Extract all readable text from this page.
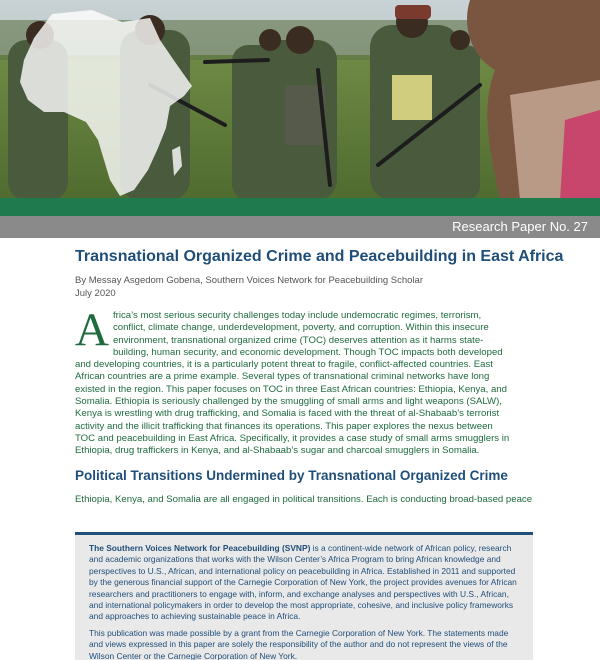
Research Paper No. 27
Transnational Organized Crime and Peacebuilding in East Africa
By Messay Asgedom Gobena, Southern Voices Network for Peacebuilding Scholar
July 2020

Africa’s most serious security challenges today include undemocratic regimes, terrorism, conflict, climate change, underdevelopment, poverty, and corruption. Within this insecure environment, transnational organized crime (TOC) deserves attention as it harms state-building, human security, and economic development. Though TOC impacts both developed and developing countries, it is a particularly potent threat to fragile, conflict-affected countries. East African countries are a prime example. Several types of transnational criminal networks have long existed in the region. This paper focuses on TOC in three East African countries: Ethiopia, Kenya, and Somalia. Ethiopia is seriously challenged by the smuggling of small arms and light weapons (SALW), Kenya is wrestling with drug trafficking, and Somalia is faced with the threat of al-Shabaab’s terrorist activity and the illicit trafficking that finances its operations. This paper explores the nexus between TOC and peacebuilding in East Africa. Specifically, it provides a case study of small arms smugglers in Ethiopia, drug traffickers in Kenya, and al-Shabaab’s sugar and charcoal smugglers in Somalia.

Political Transitions Undermined by Transnational Organized Crime

Ethiopia, Kenya, and Somalia are all engaged in political transitions. Each is conducting broad-based peace

The Southern Voices Network for Peacebuilding (SVNP) is a continent-wide network of African policy, research and academic organizations that works with the Wilson Center’s Africa Program to bring African knowledge and perspectives to U.S., African, and international policy on peacebuilding in Africa. Established in 2011 and supported by the generous financial support of the Carnegie Corporation of New York, the project provides avenues for African researchers and practitioners to engage with, inform, and exchange analyses and perspectives with U.S., African, and international policymakers in order to develop the most appropriate, cohesive, and inclusive policy frameworks and approaches to achieving sustainable peace in Africa.

This publication was made possible by a grant from the Carnegie Corporation of New York. The statements made and views expressed in this paper are solely the responsibility of the author and do not represent the views of the Wilson Center or the Carnegie Corporation of New York.
